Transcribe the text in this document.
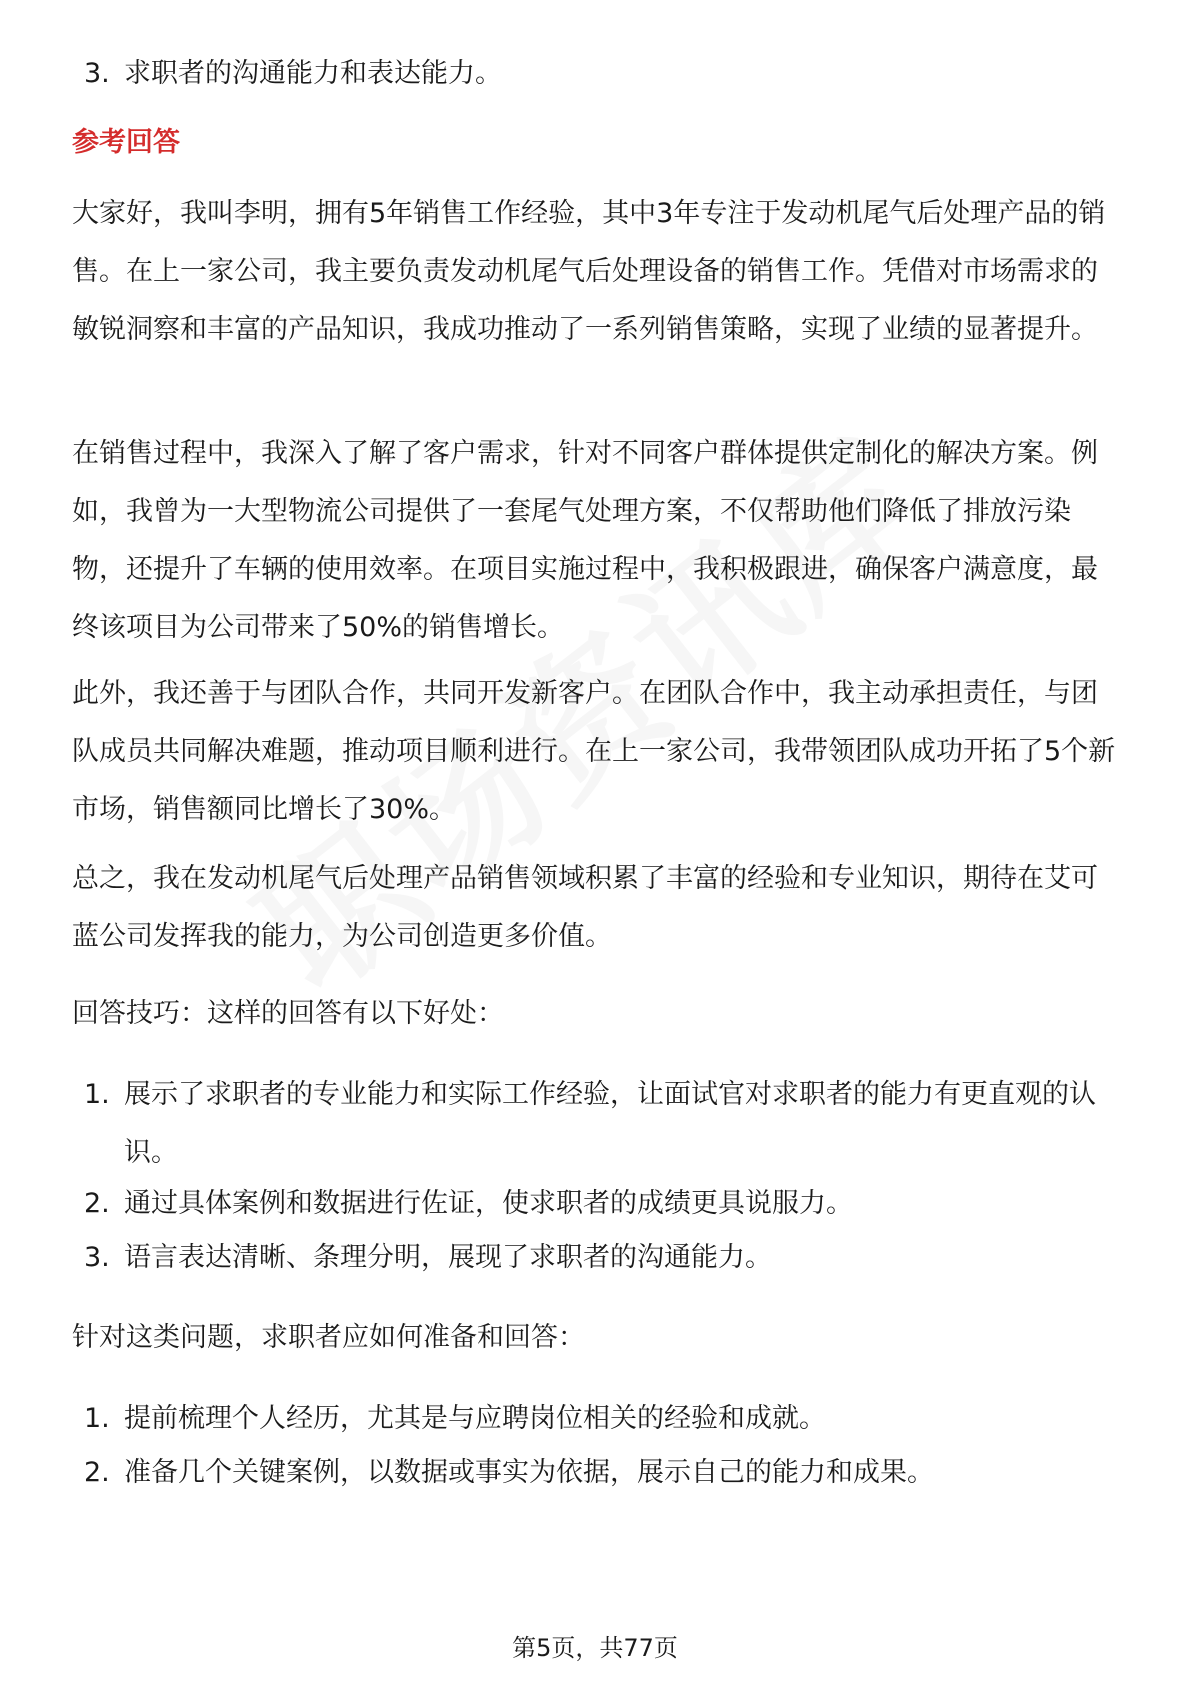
3. 求职者的沟通能力和表达能力。

参考回答

大家好，我叫李明，拥有5年销售工作经验，其中3年专注于发动机尾气后处理产品的销售。在上一家公司，我主要负责发动机尾气后处理设备的销售工作。凭借对市场需求的敏锐洞察和丰富的产品知识，我成功推动了一系列销售策略，实现了业绩的显著提升。

在销售过程中，我深入了解了客户需求，针对不同客户群体提供定制化的解决方案。例如，我曾为一大型物流公司提供了一套尾气处理方案，不仅帮助他们降低了排放污染物，还提升了车辆的使用效率。在项目实施过程中，我积极跟进，确保客户满意度，最终该项目为公司带来了50%的销售增长。

此外，我还善于与团队合作，共同开发新客户。在团队合作中，我主动承担责任，与团队成员共同解决难题，推动项目顺利进行。在上一家公司，我带领团队成功开拓了5个新市场，销售额同比增长了30%。

总之，我在发动机尾气后处理产品销售领域积累了丰富的经验和专业知识，期待在艾可蓝公司发挥我的能力，为公司创造更多价值。

回答技巧：这样的回答有以下好处：

1. 展示了求职者的专业能力和实际工作经验，让面试官对求职者的能力有更直观的认识。
2. 通过具体案例和数据进行佐证，使求职者的成绩更具说服力。
3. 语言表达清晰、条理分明，展现了求职者的沟通能力。

针对这类问题，求职者应如何准备和回答：

1. 提前梳理个人经历，尤其是与应聘岗位相关的经验和成就。
2. 准备几个关键案例，以数据或事实为依据，展示自己的能力和成果。
第5页，共77页
